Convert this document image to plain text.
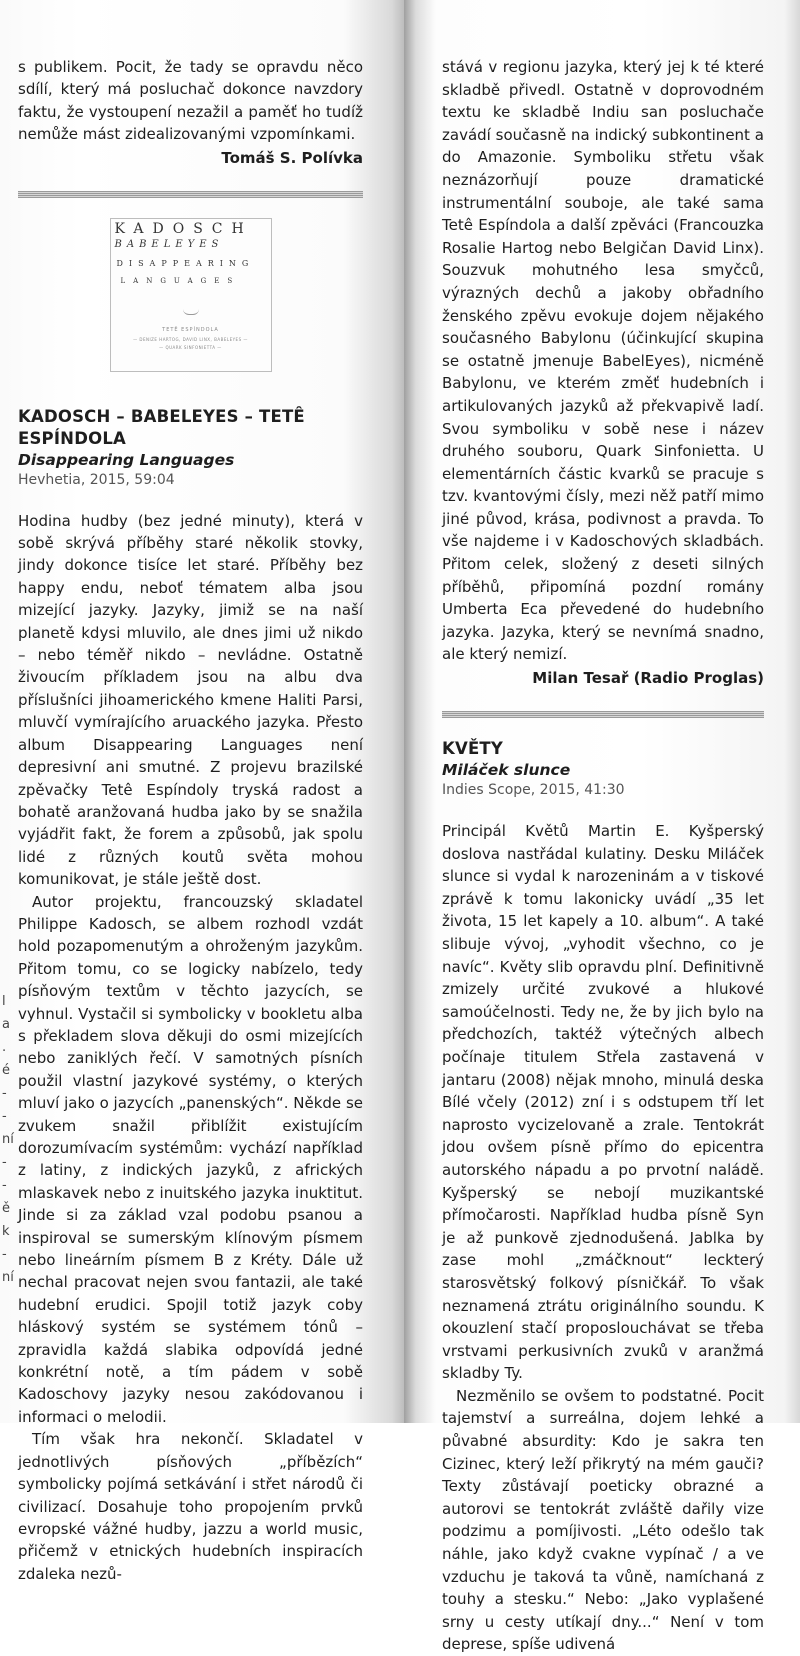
l
a
.
é
-
-
ní
-
-
ě
k
-
ní

s publikem. Pocit, že tady se opravdu něco sdílí, který má posluchač dokonce navzdory faktu, že vystoupení nezažil a paměť ho tudíž nemůže mást zidealizovanými vzpomínkami.

Tomáš S. Polívka
KADOSCH
BABELEYES
DISAPPEARING
LANGUAGES
TETÊ ESPÍNDOLA
— DENIZE HARTOG, DAVID LINX, BABELEYES —
— QUARK SINFONIETTA —
KADOSCH – BABELEYES – TETÊ ESPÍNDOLA
Disappearing Languages
Hevhetia, 2015, 59:04

Hodina hudby (bez jedné minuty), která v sobě skrývá příběhy staré několik stovky, jindy dokonce tisíce let staré. Příběhy bez happy endu, neboť tématem alba jsou mizející jazyky. Jazyky, jimiž se na naší planetě kdysi mluvilo, ale dnes jimi už nikdo – nebo téměř nikdo – nevládne. Ostatně živoucím příkladem jsou na albu dva příslušníci jihoamerického kmene Haliti Parsi, mluvčí vymírajícího aruackého jazyka. Přesto album Disappearing Languages není depresivní ani smutné. Z projevu brazilské zpěvačky Tetê Espíndoly tryská radost a bohatě aranžovaná hudba jako by se snažila vyjádřit fakt, že forem a způsobů, jak spolu lidé z různých koutů světa mohou komunikovat, je stále ještě dost.

Autor projektu, francouzský skladatel Philippe Kadosch, se albem rozhodl vzdát hold pozapomenutým a ohroženým jazykům. Přitom tomu, co se logicky nabízelo, tedy písňovým textům v těchto jazycích, se vyhnul. Vystačil si symbolicky v bookletu alba s překladem slova děkuji do osmi mizejících nebo zaniklých řečí. V samotných písních použil vlastní jazykové systémy, o kterých mluví jako o jazycích „panenských“. Někde se zvukem snažil přiblížit existujícím dorozumívacím systémům: vychází například z latiny, z indických jazyků, z afrických mlaskavek nebo z inuitského jazyka inuktitut. Jinde si za základ vzal podobu psanou a inspiroval se sumerským klínovým písmem nebo lineárním písmem B z Kréty. Dále už nechal pracovat nejen svou fantazii, ale také hudební erudici. Spojil totiž jazyk coby hláskový systém se systémem tónů – zpravidla každá slabika odpovídá jedné konkrétní notě, a tím pádem v sobě Kadoschovy jazyky nesou zakódovanou i informaci o melodii.

Tím však hra nekončí. Skladatel v jednotlivých písňových „příbězích“ symbolicky pojímá setkávání i střet národů či civilizací. Dosahuje toho propojením prvků evropské vážné hudby, jazzu a world music, přičemž v etnických hudebních inspiracích zdaleka nezů-

stává v regionu jazyka, který jej k té které skladbě přivedl. Ostatně v doprovodném textu ke skladbě Indiu san posluchače zavádí současně na indický subkontinent a do Amazonie. Symboliku střetu však neznázorňují pouze dramatické instrumentální souboje, ale také sama Tetê Espíndola a další zpěváci (Francouzka Rosalie Hartog nebo Belgičan David Linx). Souzvuk mohutného lesa smyčců, výrazných dechů a jakoby obřadního ženského zpěvu evokuje dojem nějakého současného Babylonu (účinkující skupina se ostatně jmenuje BabelEyes), nicméně Babylonu, ve kterém změť hudebních i artikulovaných jazyků až překvapivě ladí. Svou symboliku v sobě nese i název druhého souboru, Quark Sinfonietta. U elementárních částic kvarků se pracuje s tzv. kvantovými čísly, mezi něž patří mimo jiné původ, krása, podivnost a pravda. To vše najdeme i v Kadoschových skladbách. Přitom celek, složený z deseti silných příběhů, připomíná pozdní romány Umberta Eca převedené do hudebního jazyka. Jazyka, který se nevnímá snadno, ale který nemizí.

Milan Tesař (Radio Proglas)
KVĚTY
Miláček slunce
Indies Scope, 2015, 41:30

Principál Květů Martin E. Kyšperský doslova nastřádal kulatiny. Desku Miláček slunce si vydal k narozeninám a v tiskové zprávě k tomu lakonicky uvádí „35 let života, 15 let kapely a 10. album“. A také slibuje vývoj, „vyhodit všechno, co je navíc“. Květy slib opravdu plní. Definitivně zmizely určité zvukové a hlukové samoúčelnosti. Tedy ne, že by jich bylo na předchozích, taktéž výtečných albech počínaje titulem Střela zastavená v jantaru (2008) nějak mnoho, minulá deska Bílé včely (2012) zní i s odstupem tří let naprosto vycizelovaně a zrale. Tentokrát jdou ovšem písně přímo do epicentra autorského nápadu a po prvotní naládě. Kyšperský se nebojí muzikantské přímočarosti. Například hudba písně Syn je až punkově zjednodušená. Jablka by zase mohl „zmáčknout“ leckterý starosvětský folkový písničkář. To však neznamená ztrátu originálního soundu. K okouzlení stačí proposlouchávat se třeba vrstvami perkusivních zvuků v aranžmá skladby Ty.

Nezměnilo se ovšem to podstatné. Pocit tajemství a surreálna, dojem lehké a půvabné absurdity: Kdo je sakra ten Cizinec, který leží přikrytý na mém gauči? Texty zůstávají poeticky obrazné a autorovi se tentokrát zvláště dařily vize podzimu a pomíjivosti. „Léto odešlo tak náhle, jako když cvakne vypínač / a ve vzduchu je taková ta vůně, namíchaná z touhy a stesku.“ Nebo: „Jako vyplašené srny u cesty utíkají dny...“ Není v tom deprese, spíše udivená
